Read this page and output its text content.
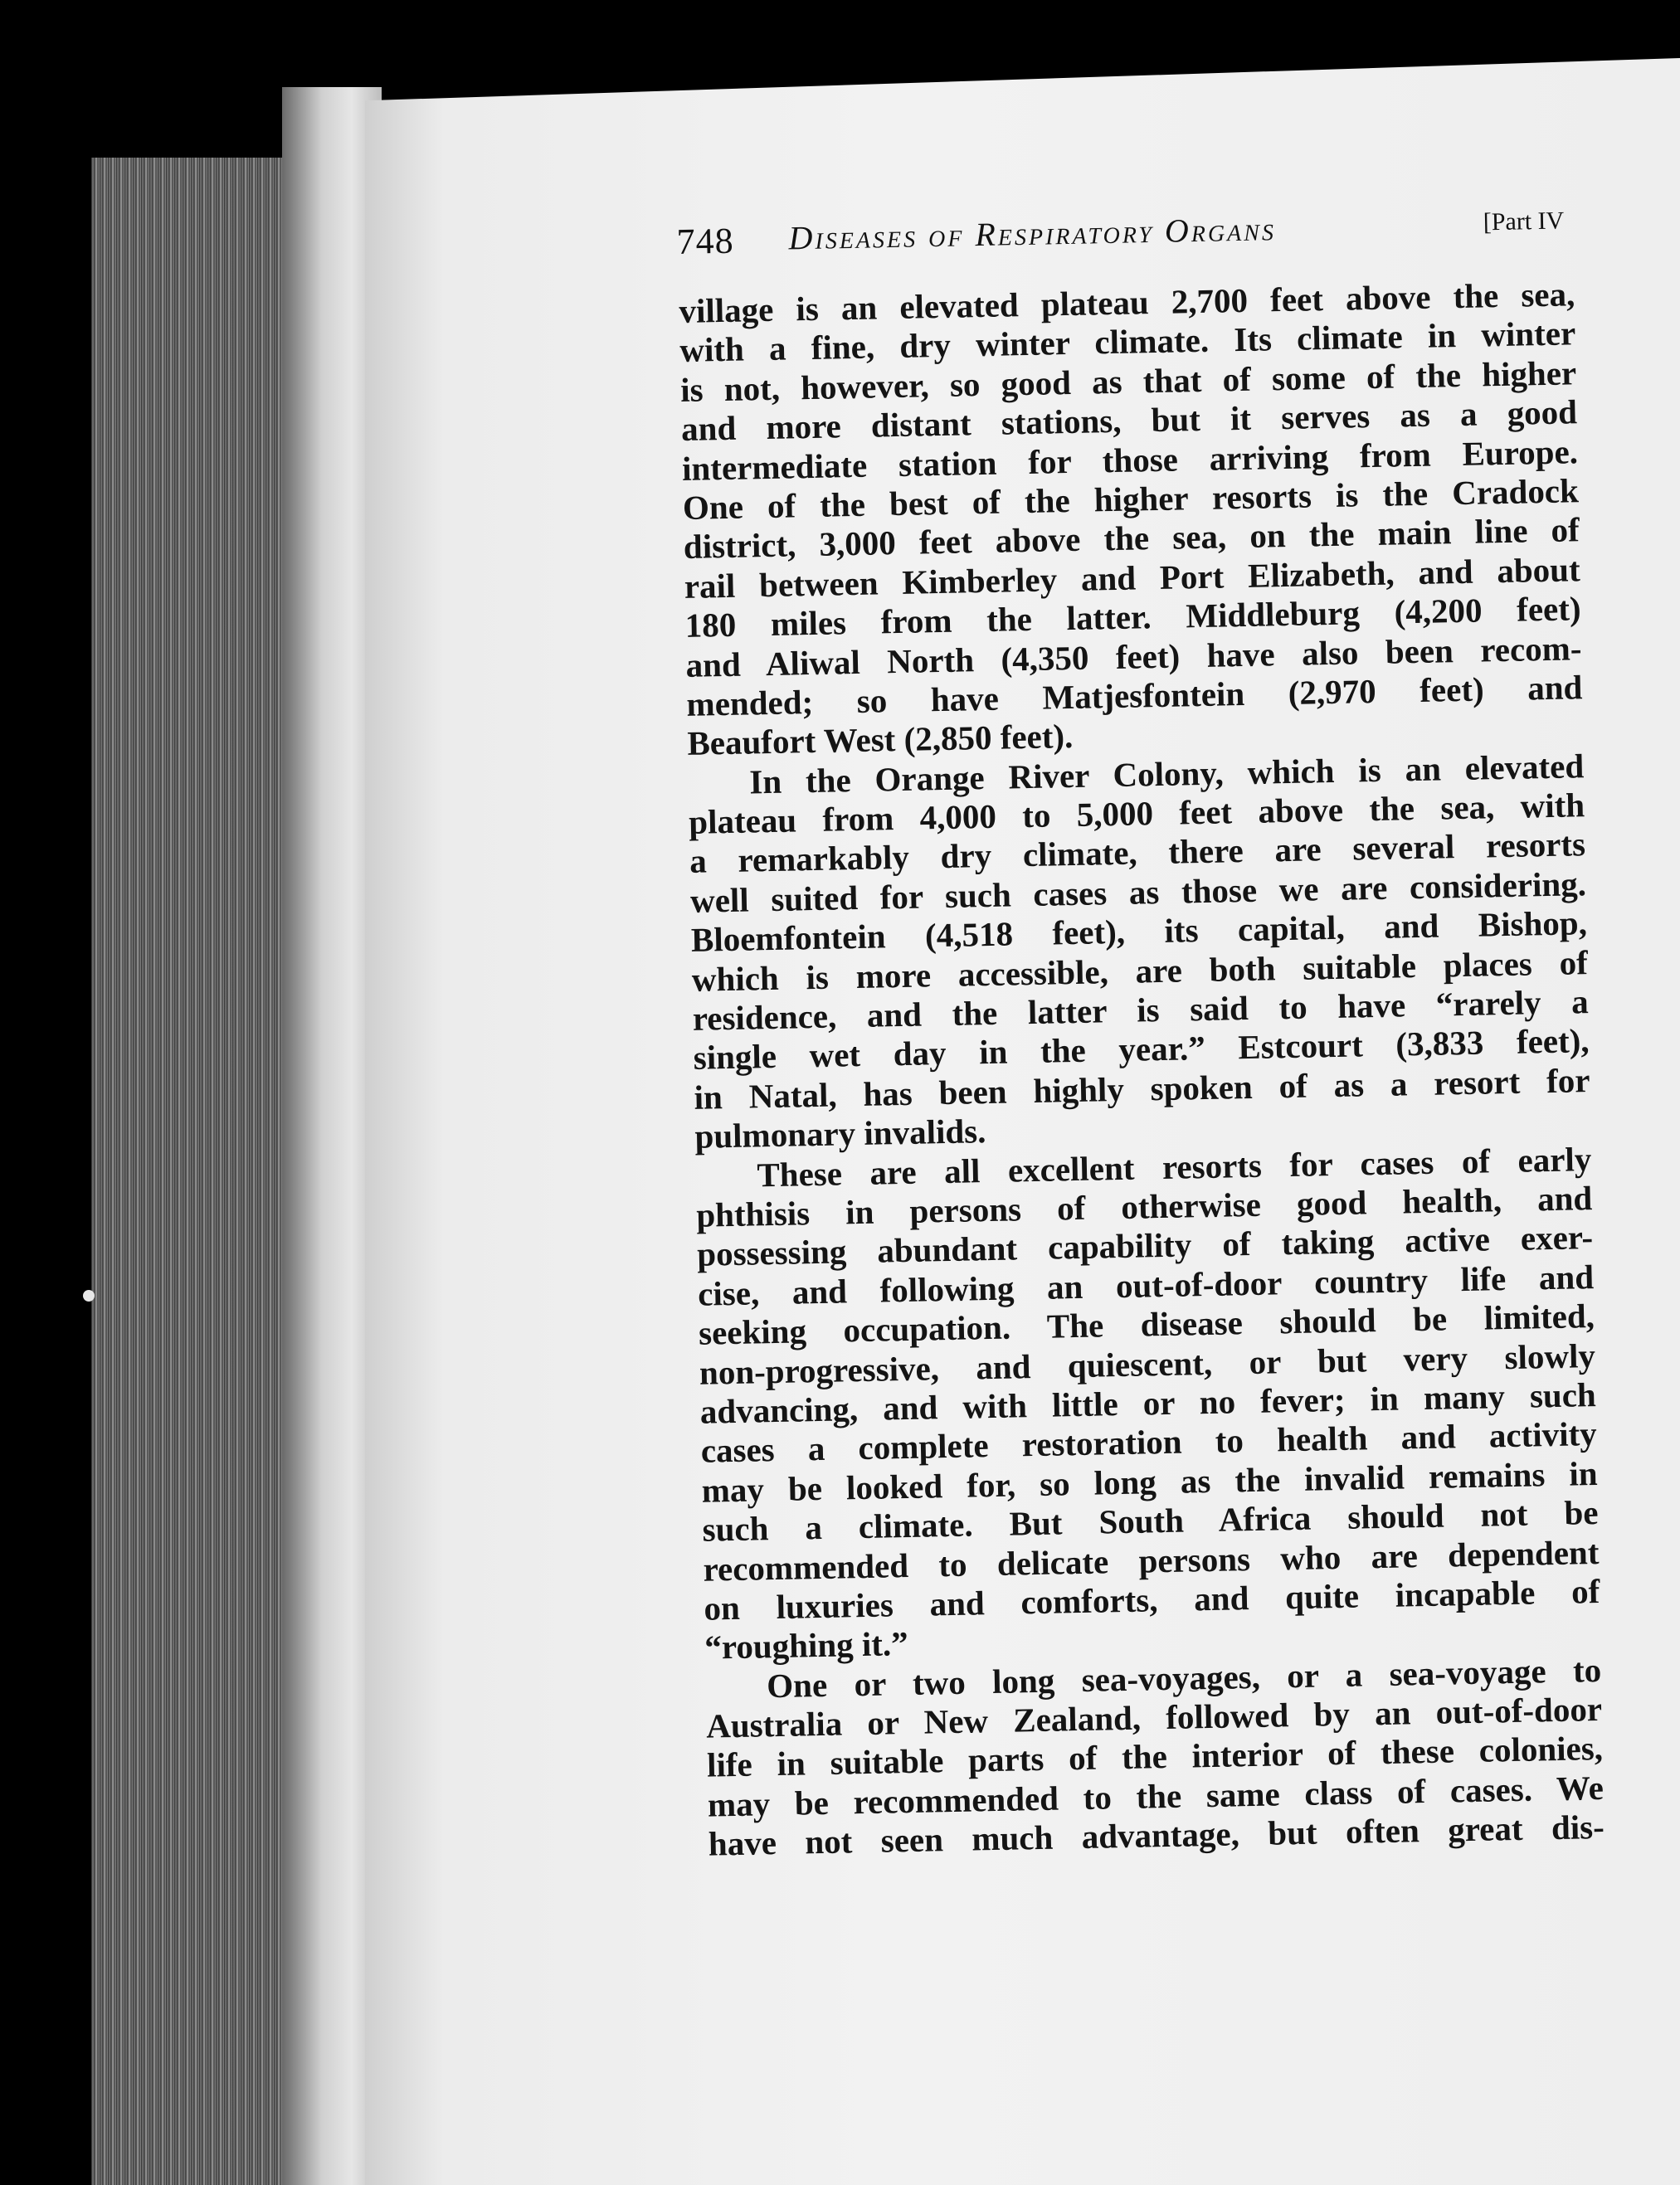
748 Diseases of Respiratory Organs	[Part IV
village is an elevated plateau 2,700 feet above the sea,
with a fine, dry winter climate. Its climate in winter
is not, however, so good as that of some of the higher
and more distant stations, but it serves as a good
intermediate station for those arriving from Europe.
One of the best of the higher resorts is the Cradock
district, 3,000 feet above the sea, on the main line of
rail between Kimberley and Port Elizabeth, and about
180 miles from the latter. Middleburg (4,200 feet)
and Aliwal North (4,350 feet) have also been recom-
mended; so have Matjesfontein (2,970 feet) and
Beaufort West (2,850 feet).
In the Orange River Colony, which is an elevated
plateau from 4,000 to 5,000 feet above the sea, with
a remarkably dry climate, there are several resorts
well suited for such cases as those we are considering.
Bloemfontein (4,518 feet), its capital, and Bishop,
which is more accessible, are both suitable places of
residence, and the latter is said to have “rarely a
single wet day in the year.” Estcourt (3,833 feet),
in Natal, has been highly spoken of as a resort for
pulmonary invalids.
These are all excellent resorts for cases of early
phthisis in persons of otherwise good health, and
possessing abundant capability of taking active exer-
cise, and following an out-of-door country life and
seeking occupation. The disease should be limited,
non-progressive, and quiescent, or but very slowly
advancing, and with little or no fever; in many such
cases a complete restoration to health and activity
may be looked for, so long as the invalid remains in
such a climate. But South Africa should not be
recommended to delicate persons who are dependent
on luxuries and comforts, and quite incapable of
“roughing it.”
One or two long sea-voyages, or a sea-voyage to
Australia or New Zealand, followed by an out-of-door
life in suitable parts of the interior of these colonies,
may be recommended to the same class of cases. We
have not seen much advantage, but often great dis-
